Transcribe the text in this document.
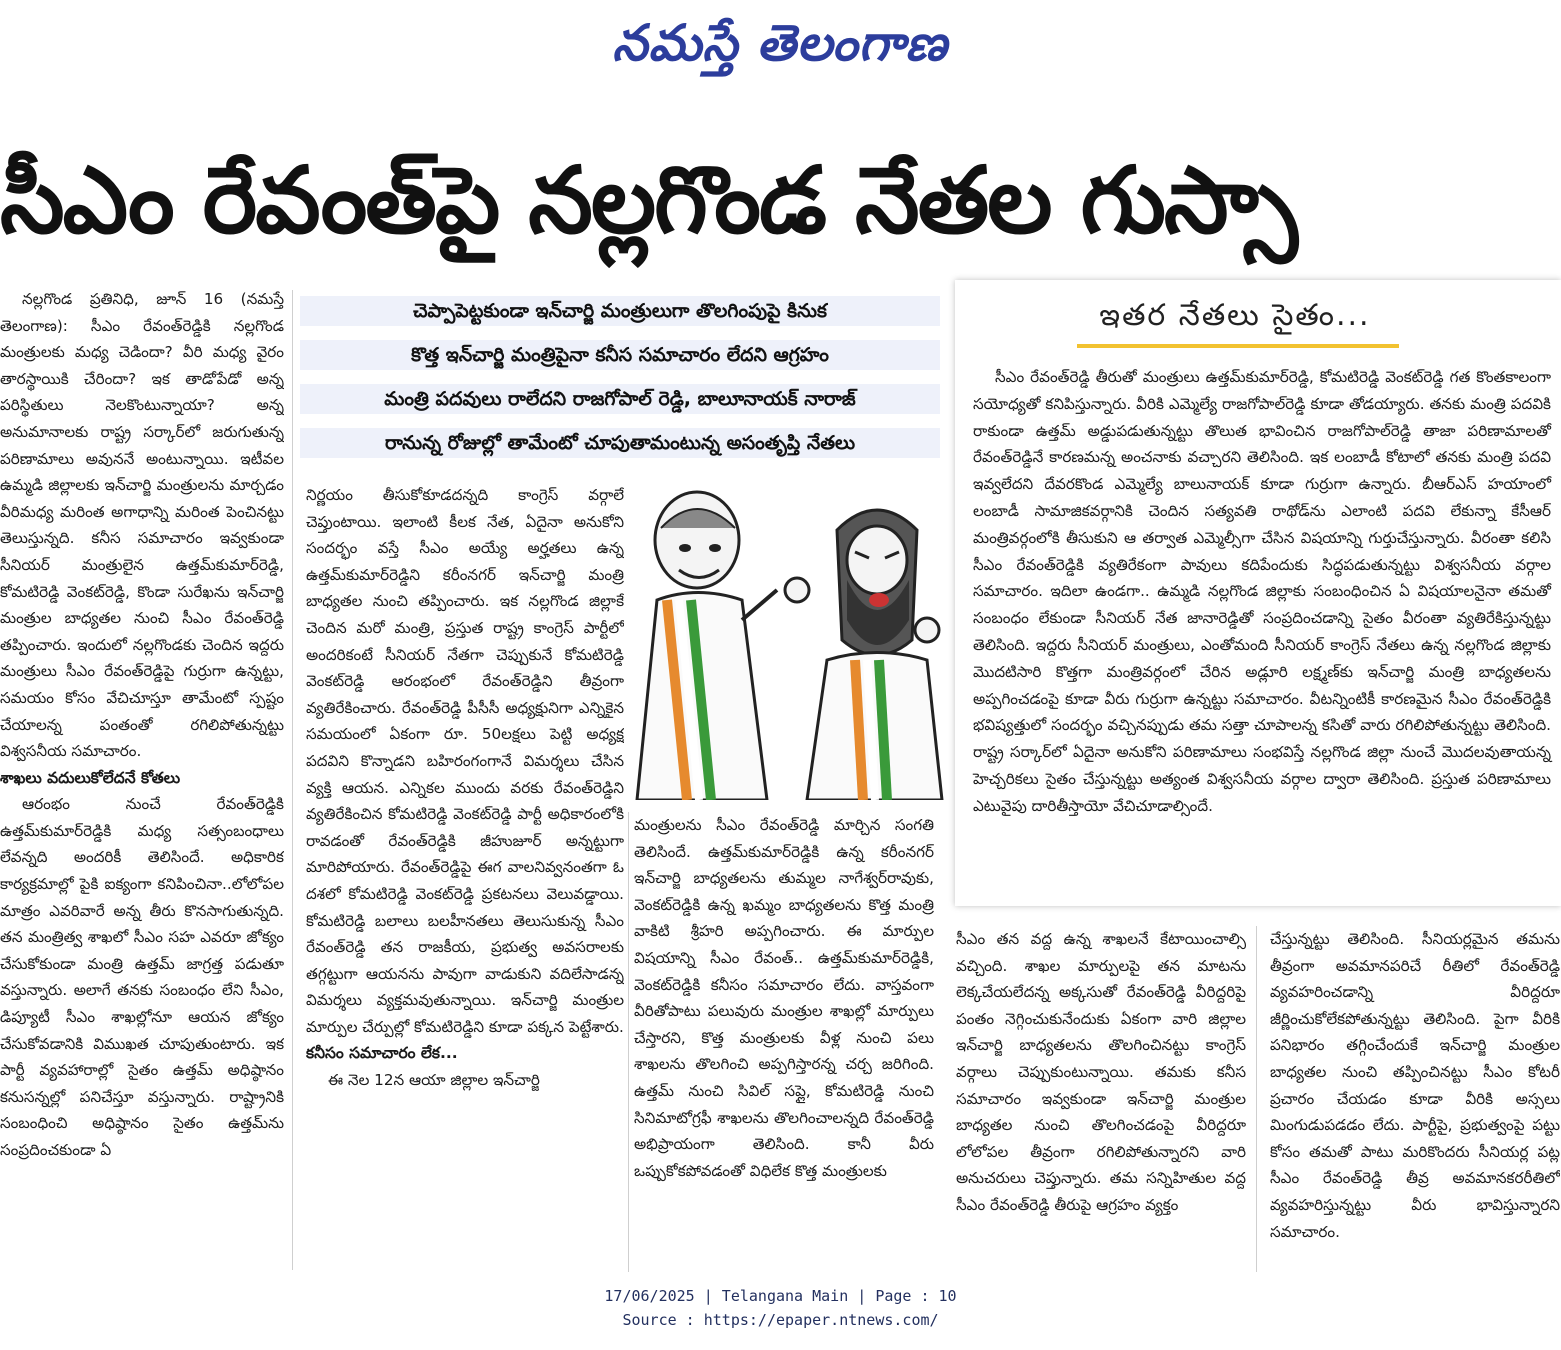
నమస్తే తెలంగాణ
సీఎం రేవంత్‌పై నల్లగొండ నేతల గుస్సా

నల్లగొండ ప్రతినిధి, జూన్ 16 (నమస్తే తెలంగాణ): సీఎం రేవంత్‌రెడ్డికి నల్లగొండ మంత్రులకు మధ్య చెడిందా? వీరి మధ్య వైరం తారస్థాయికి చేరిందా? ఇక తాడోపేడో అన్న పరిస్థితులు నెలకొంటున్నాయా? అన్న అనుమానాలకు రాష్ట్ర సర్కార్‌లో జరుగుతున్న పరిణామాలు అవుననే అంటున్నాయి. ఇటీవల ఉమ్మడి జిల్లాలకు ఇన్‌చార్జి మంత్రులను మార్చడం వీరిమధ్య మరింత అగాధాన్ని మరింత పెంచినట్టు తెలుస్తున్నది. కనీస సమాచారం ఇవ్వకుండా సీనియర్ మంత్రులైన ఉత్తమ్‌కుమార్‌రెడ్డి, కోమటిరెడ్డి వెంకట్‌రెడ్డి, కొండా సురేఖను ఇన్‌చార్జి మంత్రుల బాధ్యతల నుంచి సీఎం రేవంత్‌రెడ్డి తప్పించారు. ఇందులో నల్లగొండకు చెందిన ఇద్దరు మంత్రులు సీఎం రేవంత్‌రెడ్డిపై గుర్రుగా ఉన్నట్టు, సమయం కోసం వేచిచూస్తూ తామేంటో స్పష్టం చేయాలన్న పంతంతో రగిలిపోతున్నట్టు విశ్వసనీయ సమాచారం.

శాఖలు వదులుకోలేదనే కోతలు

ఆరంభం నుంచే రేవంత్‌రెడ్డికి ఉత్తమ్‌కుమార్‌రెడ్డికి మధ్య సత్సంబంధాలు లేవన్నది అందరికీ తెలిసిందే. అధికారిక కార్యక్రమాల్లో పైకి ఐక్యంగా కనిపించినా..లోలోపల మాత్రం ఎవరివారే అన్న తీరు కొనసాగుతున్నది. తన మంత్రిత్వ శాఖలో సీఎం సహ ఎవరూ జోక్యం చేసుకోకుండా మంత్రి ఉత్తమ్ జాగ్రత్త పడుతూ వస్తున్నారు. అలాగే తనకు సంబంధం లేని సీఎం, డిప్యూటీ సీఎం శాఖల్లోనూ ఆయన జోక్యం చేసుకోవడానికి విముఖత చూపుతుంటారు. ఇక పార్టీ వ్యవహారాల్లో సైతం ఉత్తమ్ అధిష్ఠానం కనుసన్నల్లో పనిచేస్తూ వస్తున్నారు. రాష్ట్రానికి సంబంధించి అధిష్ఠానం సైతం ఉత్తమ్‌ను సంప్రదించకుండా ఏ

చెప్పాపెట్టకుండా ఇన్‌చార్జి మంత్రులుగా తొలగింపుపై కినుక
కొత్త ఇన్‌చార్జి మంత్రిపైనా కనీస సమాచారం లేదని ఆగ్రహం
మంత్రి పదవులు రాలేదని రాజగోపాల్ రెడ్డి, బాలూనాయక్ నారాజ్
రానున్న రోజుల్లో తామేంటో చూపుతామంటున్న అసంతృప్తి నేతలు

నిర్ణయం తీసుకోకూడదన్నది కాంగ్రెస్ వర్గాలే చెప్తుంటాయి. ఇలాంటి కీలక నేత, ఏదైనా అనుకోని సందర్భం వస్తే సీఎం అయ్యే అర్హతలు ఉన్న ఉత్తమ్‌కుమార్‌రెడ్డిని కరీంనగర్ ఇన్‌చార్జి మంత్రి బాధ్యతల నుంచి తప్పించారు. ఇక నల్లగొండ జిల్లాకే చెందిన మరో మంత్రి, ప్రస్తుత రాష్ట్ర కాంగ్రెస్ పార్టీలో అందరికంటే సీనియర్ నేతగా చెప్పుకునే కోమటిరెడ్డి వెంకట్‌రెడ్డి ఆరంభంలో రేవంత్‌రెడ్డిని తీవ్రంగా వ్యతిరేకించారు. రేవంత్‌రెడ్డి పీసీసీ అధ్యక్షునిగా ఎన్నికైన సమయంలో ఏకంగా రూ. 50లక్షలు పెట్టి అధ్యక్ష పదవిని కొన్నాడని బహిరంగంగానే విమర్శలు చేసిన వ్యక్తి ఆయన. ఎన్నికల ముందు వరకు రేవంత్‌రెడ్డిని వ్యతిరేకించిన కోమటిరెడ్డి వెంకట్‌రెడ్డి పార్టీ అధికారంలోకి రావడంతో రేవంత్‌రెడ్డికి జీహుజూర్ అన్నట్టుగా మారిపోయారు. రేవంత్‌రెడ్డిపై ఈగ వాలనివ్వనంతగా ఓ దశలో కోమటిరెడ్డి వెంకట్‌రెడ్డి ప్రకటనలు వెలువడ్డాయి. కోమటిరెడ్డి బలాలు బలహీనతలు తెలుసుకున్న సీఎం రేవంత్‌రెడ్డి తన రాజకీయ, ప్రభుత్వ అవసరాలకు తగ్గట్టుగా ఆయనను పావుగా వాడుకుని వదిలేసాడన్న విమర్శలు వ్యక్తమవుతున్నాయి. ఇన్‌చార్జి మంత్రుల మార్పుల చేర్పుల్లో కోమటిరెడ్డిని కూడా పక్కన పెట్టేశారు.

కనీసం సమాచారం లేక...

ఈ నెల 12న ఆయా జిల్లాల ఇన్‌చార్జి

మంత్రులను సీఎం రేవంత్‌రెడ్డి మార్చిన సంగతి తెలిసిందే. ఉత్తమ్‌కుమార్‌రెడ్డికి ఉన్న కరీంనగర్ ఇన్‌చార్జి బాధ్యతలను తుమ్మల నాగేశ్వర్‌రావుకు, వెంకట్‌రెడ్డికి ఉన్న ఖమ్మం బాధ్యతలను కొత్త మంత్రి వాకిటి శ్రీహరి అప్పగించారు. ఈ మార్పుల విషయాన్ని సీఎం రేవంత్.. ఉత్తమ్‌కుమార్‌రెడ్డికి, వెంకట్‌రెడ్డికి కనీసం సమాచారం లేదు. వాస్తవంగా వీరితోపాటు పలువురు మంత్రుల శాఖల్లో మార్పులు చేస్తారని, కొత్త మంత్రులకు వీళ్ల నుంచి పలు శాఖలను తొలగించి అప్పగిస్తారన్న చర్చ జరిగింది. ఉత్తమ్ నుంచి సివిల్ సప్లై, కోమటిరెడ్డి నుంచి సినిమాటోగ్రఫీ శాఖలను తొలగించాలన్నది రేవంత్‌రెడ్డి అభిప్రాయంగా తెలిసింది. కానీ వీరు ఒప్పుకోకపోవడంతో విధిలేక కొత్త మంత్రులకు

ఇతర నేతలు సైతం...

సీఎం రేవంత్‌రెడ్డి తీరుతో మంత్రులు ఉత్తమ్‌కుమార్‌రెడ్డి, కోమటిరెడ్డి వెంకట్‌రెడ్డి గత కొంతకాలంగా సయోధ్యతో కనిపిస్తున్నారు. వీరికి ఎమ్మెల్యే రాజగోపాల్‌రెడ్డి కూడా తోడయ్యారు. తనకు మంత్రి పదవికి రాకుండా ఉత్తమ్ అడ్డుపడుతున్నట్టు తొలుత భావించిన రాజగోపాల్‌రెడ్డి తాజా పరిణామాలతో రేవంత్‌రెడ్డినే కారణమన్న అంచనాకు వచ్చారని తెలిసింది. ఇక లంబాడీ కోటాలో తనకు మంత్రి పదవి ఇవ్వలేదని దేవరకొండ ఎమ్మెల్యే బాలునాయక్ కూడా గుర్రుగా ఉన్నారు. బీఆర్‌ఎస్ హయాంలో లంబాడీ సామాజికవర్గానికి చెందిన సత్యవతి రాథోడ్‌ను ఎలాంటి పదవి లేకున్నా కేసీఆర్ మంత్రివర్గంలోకి తీసుకుని ఆ తర్వాత ఎమ్మెల్సీగా చేసిన విషయాన్ని గుర్తుచేస్తున్నారు. వీరంతా కలిసి సీఎం రేవంత్‌రెడ్డికి వ్యతిరేకంగా పావులు కదిపేందుకు సిద్ధపడుతున్నట్టు విశ్వసనీయ వర్గాల సమాచారం. ఇదిలా ఉండగా.. ఉమ్మడి నల్లగొండ జిల్లాకు సంబంధించిన ఏ విషయాలనైనా తమతో సంబంధం లేకుండా సీనియర్ నేత జానారెడ్డితో సంప్రదించడాన్ని సైతం వీరంతా వ్యతిరేకిస్తున్నట్టు తెలిసింది. ఇద్దరు సీనియర్ మంత్రులు, ఎంతోమంది సీనియర్ కాంగ్రెస్ నేతలు ఉన్న నల్లగొండ జిల్లాకు మొదటిసారి కొత్తగా మంత్రివర్గంలో చేరిన అడ్లూరి లక్ష్మణ్‌కు ఇన్‌చార్జి మంత్రి బాధ్యతలను అప్పగించడంపై కూడా వీరు గుర్రుగా ఉన్నట్టు సమాచారం. వీటన్నింటికీ కారణమైన సీఎం రేవంత్‌రెడ్డికి భవిష్యత్తులో సందర్భం వచ్చినప్పుడు తమ సత్తా చూపాలన్న కసితో వారు రగిలిపోతున్నట్టు తెలిసింది. రాష్ట్ర సర్కార్‌లో ఏదైనా అనుకోని పరిణామాలు సంభవిస్తే నల్లగొండ జిల్లా నుంచే మొదలవుతాయన్న హెచ్చరికలు సైతం చేస్తున్నట్టు అత్యంత విశ్వసనీయ వర్గాల ద్వారా తెలిసింది. ప్రస్తుత పరిణామాలు ఎటువైపు దారితీస్తాయో వేచిచూడాల్సిందే.

సీఎం తన వద్ద ఉన్న శాఖలనే కేటాయించాల్సి వచ్చింది. శాఖల మార్పులపై తన మాటను లెక్కచేయలేదన్న అక్కసుతో రేవంత్‌రెడ్డి వీరిద్దరిపై పంతం నెగ్గించుకునేందుకు ఏకంగా వారి జిల్లాల ఇన్‌చార్జి బాధ్యతలను తొలగించినట్టు కాంగ్రెస్ వర్గాలు చెప్పుకుంటున్నాయి. తమకు కనీస సమాచారం ఇవ్వకుండా ఇన్‌చార్జి మంత్రుల బాధ్యతల నుంచి తొలగించడంపై వీరిద్దరూ లోలోపల తీవ్రంగా రగిలిపోతున్నారని వారి అనుచరులు చెప్తున్నారు. తమ సన్నిహితుల వద్ద సీఎం రేవంత్‌రెడ్డి తీరుపై ఆగ్రహం వ్యక్తం

చేస్తున్నట్టు తెలిసింది. సీనియర్లమైన తమను తీవ్రంగా అవమానపరిచే రీతిలో రేవంత్‌రెడ్డి వ్యవహరించడాన్ని వీరిద్దరూ జీర్ణించుకోలేకపోతున్నట్టు తెలిసింది. పైగా వీరికి పనిభారం తగ్గించేందుకే ఇన్‌చార్జి మంత్రుల బాధ్యతల నుంచి తప్పించినట్టు సీఎం కోటరీ ప్రచారం చేయడం కూడా వీరికి అస్సలు మింగుడుపడడం లేదు. పార్టీపై, ప్రభుత్వంపై పట్టు కోసం తమతో పాటు మరికొందరు సీనియర్ల పట్ల సీఎం రేవంత్‌రెడ్డి తీవ్ర అవమానకరరీతిలో వ్యవహరిస్తున్నట్టు వీరు భావిస్తున్నారని సమాచారం.

17/06/2025 | Telangana Main | Page : 10
Source : https://epaper.ntnews.com/
